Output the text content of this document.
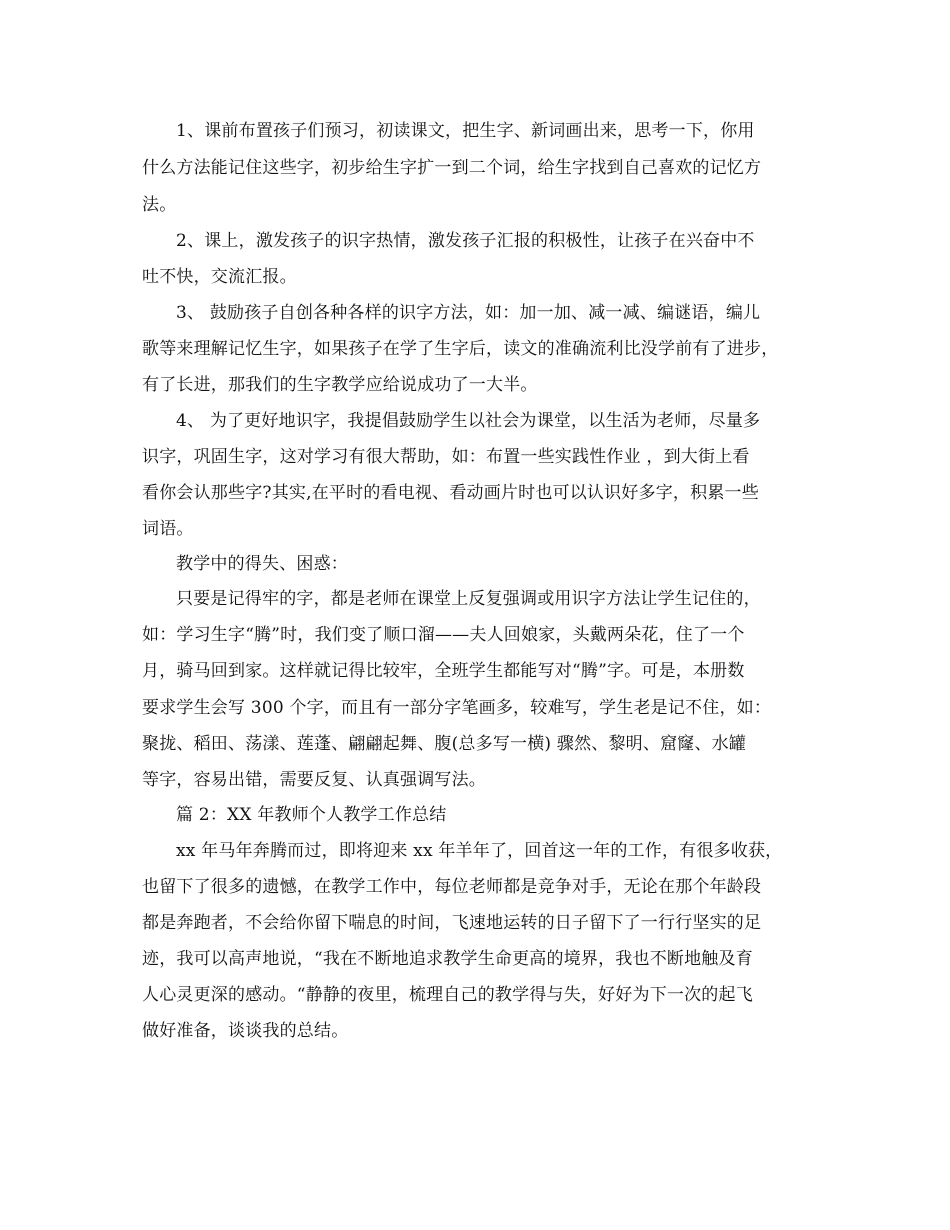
1、课前布置孩子们预习，初读课文，把生字、新词画出来，思考一下，你用
什么方法能记住这些字，初步给生字扩一到二个词，给生字找到自己喜欢的记忆方
法。
2、课上，激发孩子的识字热情，激发孩子汇报的积极性，让孩子在兴奋中不
吐不快，交流汇报。
3、 鼓励孩子自创各种各样的识字方法，如：加一加、减一减、编谜语，编儿
歌等来理解记忆生字，如果孩子在学了生字后，读文的准确流利比没学前有了进步，
有了长进，那我们的生字教学应给说成功了一大半。
4、 为了更好地识字，我提倡鼓励学生以社会为课堂，以生活为老师，尽量多
识字，巩固生字，这对学习有很大帮助，如：布置一些实践性作业 ，到大街上看
看你会认那些字?其实,在平时的看电视、看动画片时也可以认识好多字，积累一些
词语。
教学中的得失、困惑：
只要是记得牢的字，都是老师在课堂上反复强调或用识字方法让学生记住的，
如：学习生字“腾”时，我们变了顺口溜——夫人回娘家，头戴两朵花，住了一个
月，骑马回到家。这样就记得比较牢，全班学生都能写对“腾”字。可是，本册数
要求学生会写 300 个字，而且有一部分字笔画多，较难写，学生老是记不住，如：
聚拢、稻田、荡漾、莲蓬、翩翩起舞、腹(总多写一横) 骤然、黎明、窟窿、水罐
等字，容易出错，需要反复、认真强调写法。
篇 2：XX 年教师个人教学工作总结
xx 年马年奔腾而过，即将迎来 xx 年羊年了，回首这一年的工作，有很多收获，
也留下了很多的遗憾，在教学工作中，每位老师都是竞争对手，无论在那个年龄段
都是奔跑者，不会给你留下喘息的时间，飞速地运转的日子留下了一行行坚实的足
迹，我可以高声地说，“我在不断地追求教学生命更高的境界，我也不断地触及育
人心灵更深的感动。“静静的夜里，梳理自己的教学得与失，好好为下一次的起飞
做好准备，谈谈我的总结。
